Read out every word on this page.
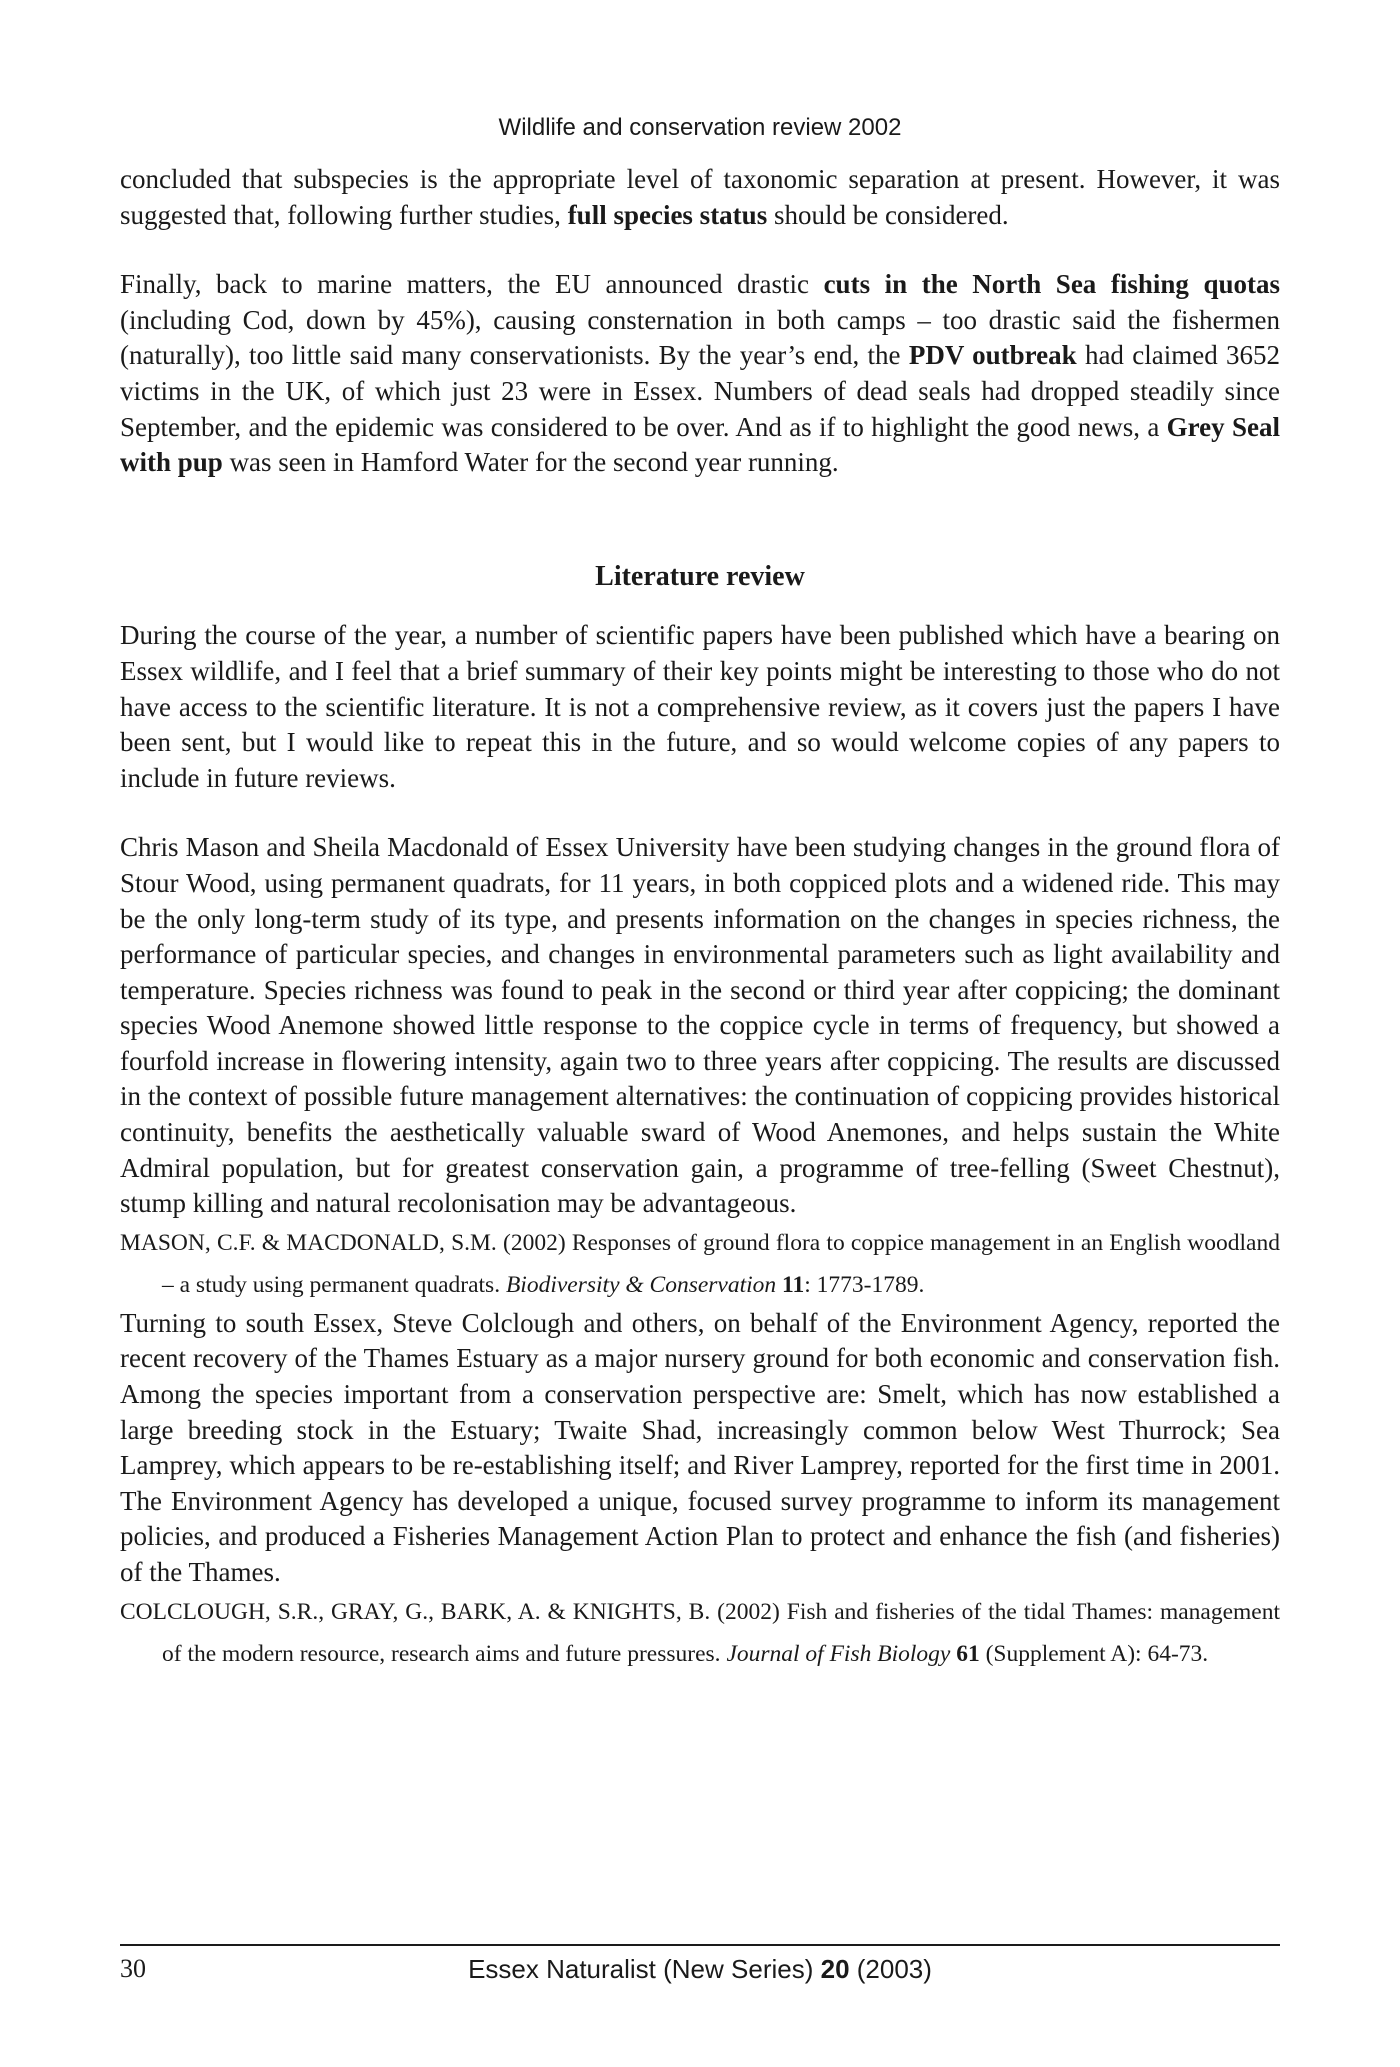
Wildlife and conservation review 2002

concluded that subspecies is the appropriate level of taxonomic separation at present. However, it was suggested that, following further studies, full species status should be considered.

Finally, back to marine matters, the EU announced drastic cuts in the North Sea fishing quotas (including Cod, down by 45%), causing consternation in both camps – too drastic said the fishermen (naturally), too little said many conservationists. By the year’s end, the PDV outbreak had claimed 3652 victims in the UK, of which just 23 were in Essex. Numbers of dead seals had dropped steadily since September, and the epidemic was considered to be over. And as if to highlight the good news, a Grey Seal with pup was seen in Hamford Water for the second year running.

Literature review

During the course of the year, a number of scientific papers have been published which have a bearing on Essex wildlife, and I feel that a brief summary of their key points might be interesting to those who do not have access to the scientific literature. It is not a comprehensive review, as it covers just the papers I have been sent, but I would like to repeat this in the future, and so would welcome copies of any papers to include in future reviews.

Chris Mason and Sheila Macdonald of Essex University have been studying changes in the ground flora of Stour Wood, using permanent quadrats, for 11 years, in both coppiced plots and a widened ride. This may be the only long-term study of its type, and presents information on the changes in species richness, the performance of particular species, and changes in environmental parameters such as light availability and temperature. Species richness was found to peak in the second or third year after coppicing; the dominant species Wood Anemone showed little response to the coppice cycle in terms of frequency, but showed a fourfold increase in flowering intensity, again two to three years after coppicing. The results are discussed in the context of possible future management alternatives: the continuation of coppicing provides historical continuity, benefits the aesthetically valuable sward of Wood Anemones, and helps sustain the White Admiral population, but for greatest conservation gain, a programme of tree-felling (Sweet Chestnut), stump killing and natural recolonisation may be advantageous.

MASON, C.F. & MACDONALD, S.M. (2002) Responses of ground flora to coppice management in an English woodland – a study using permanent quadrats. Biodiversity & Conservation 11: 1773-1789.

Turning to south Essex, Steve Colclough and others, on behalf of the Environment Agency, reported the recent recovery of the Thames Estuary as a major nursery ground for both economic and conservation fish. Among the species important from a conservation perspective are: Smelt, which has now established a large breeding stock in the Estuary; Twaite Shad, increasingly common below West Thurrock; Sea Lamprey, which appears to be re-establishing itself; and River Lamprey, reported for the first time in 2001. The Environment Agency has developed a unique, focused survey programme to inform its management policies, and produced a Fisheries Management Action Plan to protect and enhance the fish (and fisheries) of the Thames.

COLCLOUGH, S.R., GRAY, G., BARK, A. & KNIGHTS, B. (2002) Fish and fisheries of the tidal Thames: management of the modern resource, research aims and future pressures. Journal of Fish Biology 61 (Supplement A): 64-73.

30	Essex Naturalist (New Series) 20 (2003)
